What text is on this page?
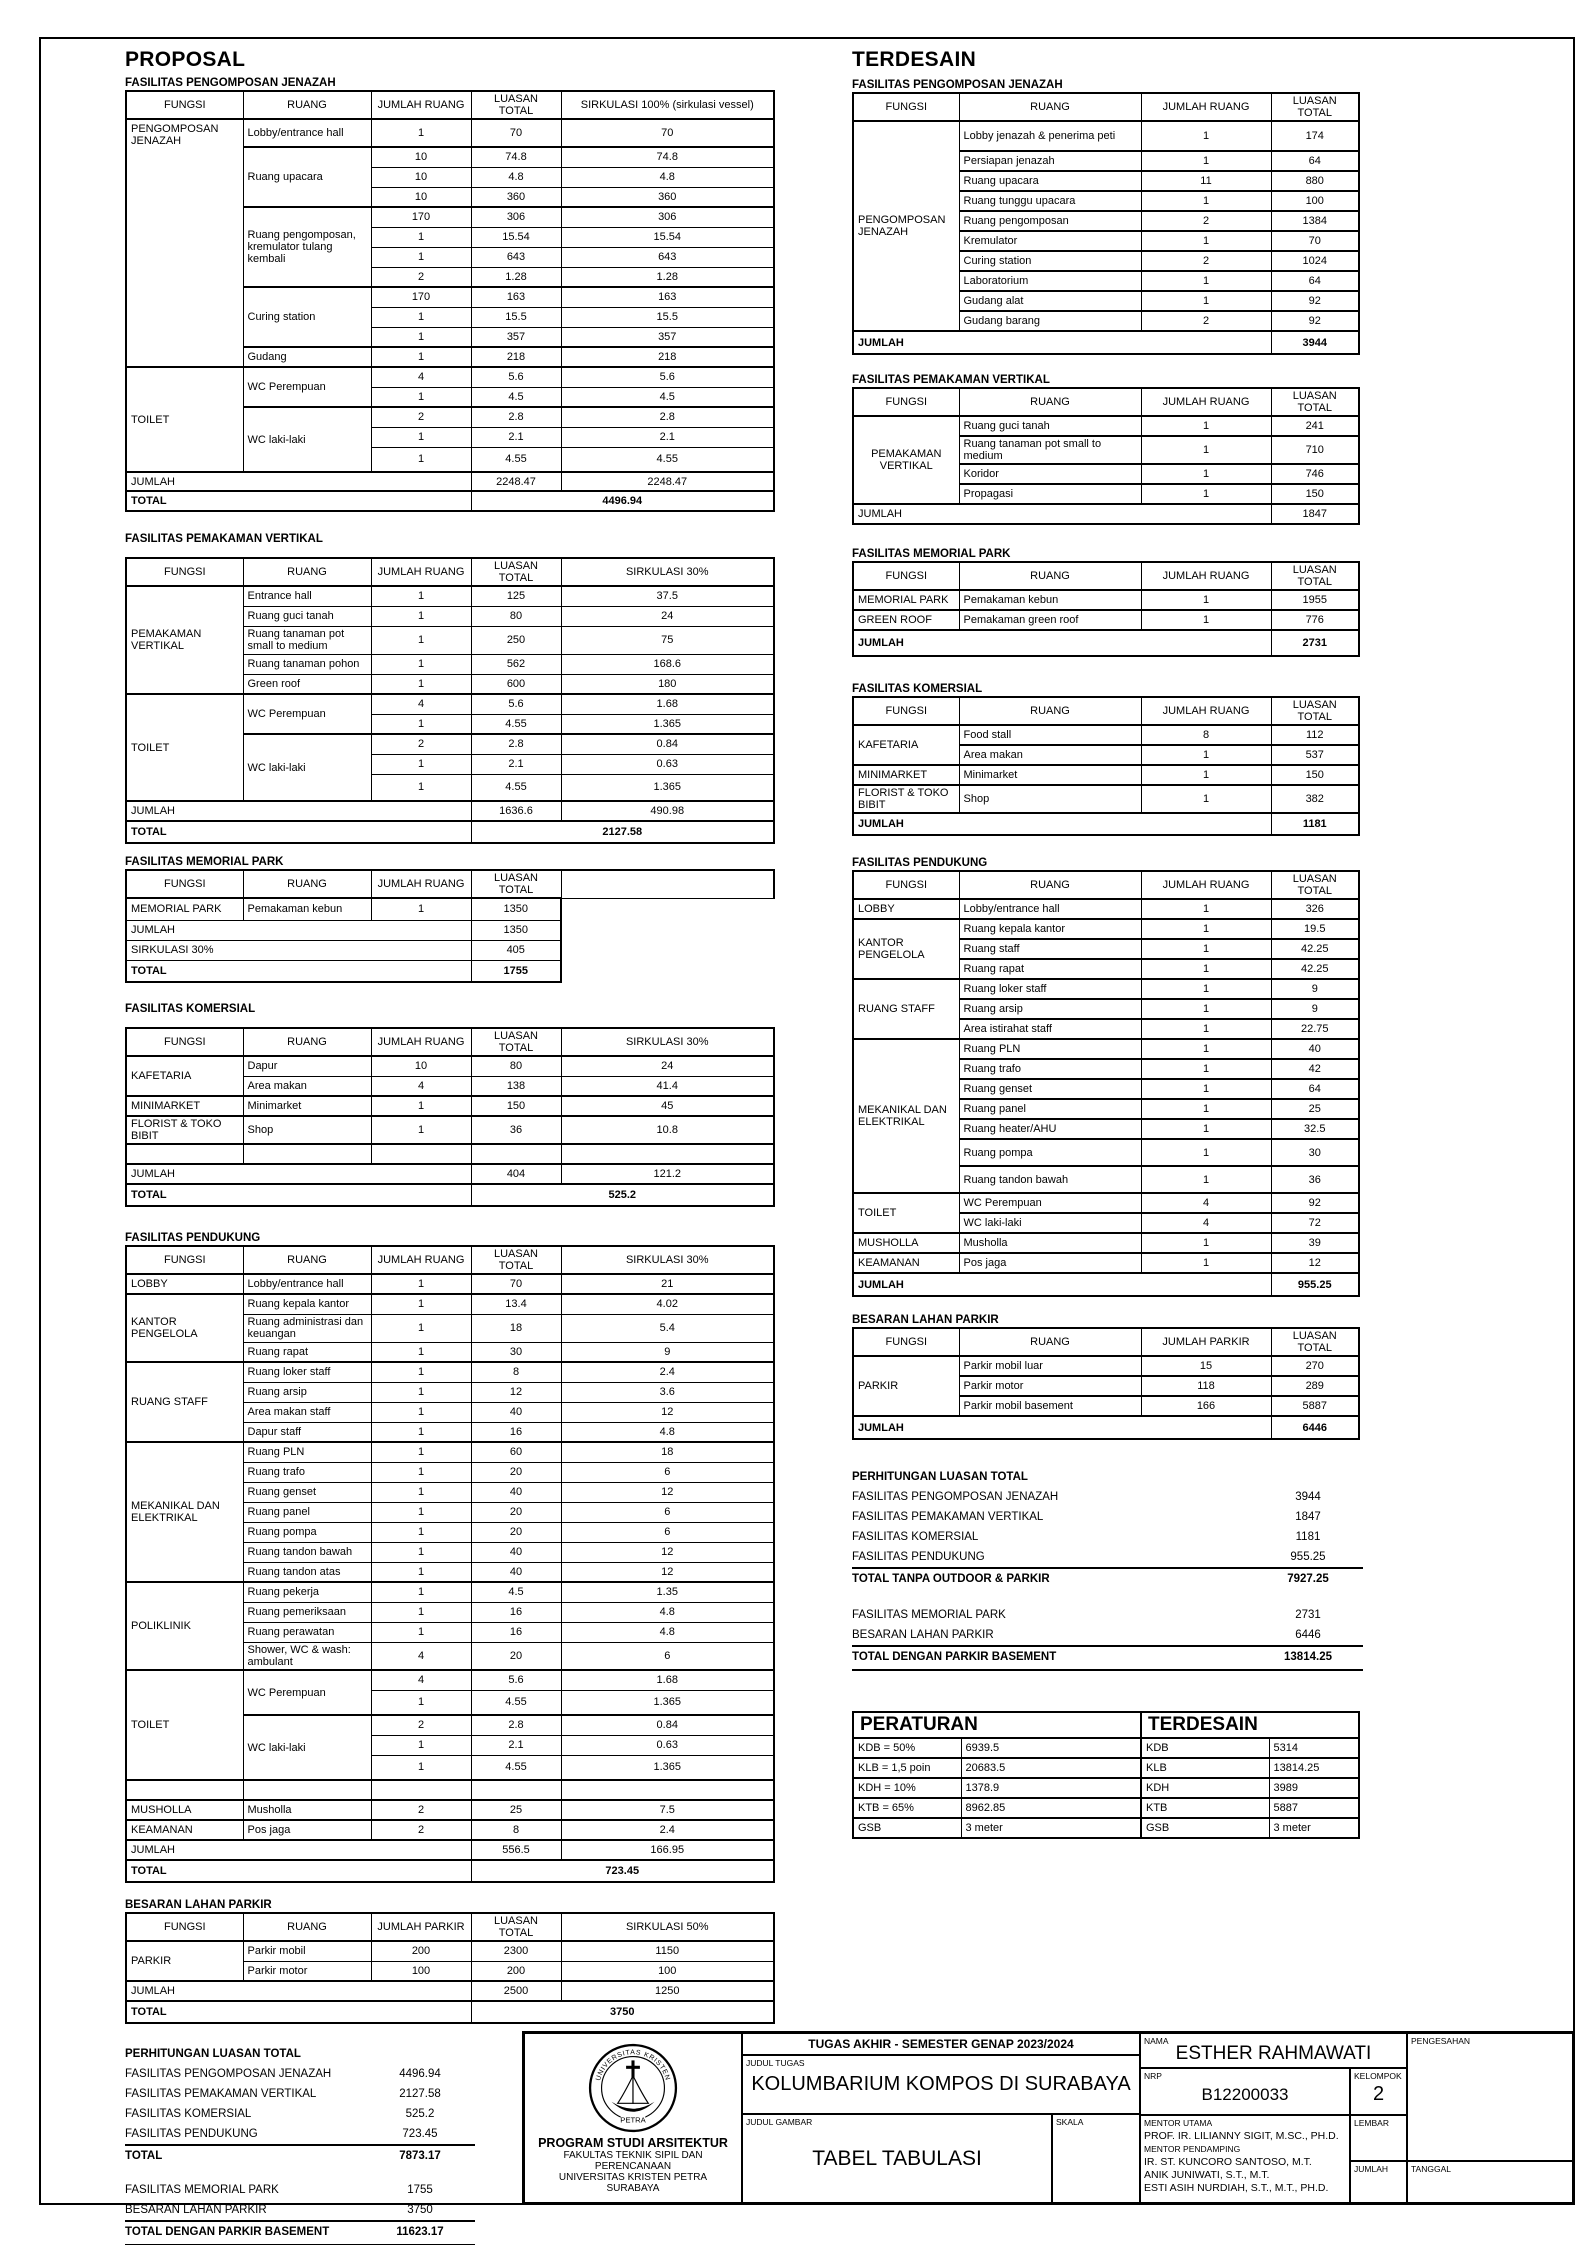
PROPOSAL
FASILITAS PENGOMPOSAN JENAZAH
FUNGSI	RUANG	JUMLAH RUANG	LUASAN TOTAL	SIRKULASI 100% (sirkulasi vessel)
PENGOMPOSAN JENAZAH	Lobby/entrance hall	1	70	70
	Ruang upacara	10	74.8	74.8
		10	4.8	4.8
		10	360	360
	Ruang pengomposan, kremulator tulang kembali	170	306	306
		1	15.54	15.54
		1	643	643
		2	1.28	1.28
	Curing station	170	163	163
		1	15.5	15.5
		1	357	357
	Gudang	1	218	218
TOILET	WC Perempuan	4	5.6	5.6
		1	4.5	4.5
	WC laki-laki	2	2.8	2.8
		1	2.1	2.1
		1	4.55	4.55
JUMLAH			2248.47	2248.47
TOTAL			4496.94	
FASILITAS PEMAKAMAN VERTIKAL
FUNGSI	RUANG	JUMLAH RUANG	LUASAN TOTAL	SIRKULASI 30%
PEMAKAMAN VERTIKAL	Entrance hall	1	125	37.5
	Ruang guci tanah	1	80	24
	Ruang tanaman pot small to medium	1	250	75
	Ruang tanaman pohon	1	562	168.6
	Green roof	1	600	180
TOILET	WC Perempuan	4	5.6	1.68
		1	4.55	1.365
	WC laki-laki	2	2.8	0.84
		1	2.1	0.63
		1	4.55	1.365
JUMLAH			1636.6	490.98
TOTAL			2127.58	
FASILITAS MEMORIAL PARK
FUNGSI	RUANG	JUMLAH RUANG	LUASAN TOTAL	
MEMORIAL PARK	Pemakaman kebun	1	1350	
JUMLAH			1350	
SIRKULASI 30%			405	
TOTAL			1755	
FASILITAS KOMERSIAL
FUNGSI	RUANG	JUMLAH RUANG	LUASAN TOTAL	SIRKULASI 30%
KAFETARIA	Dapur	10	80	24
	Area makan	4	138	41.4
MINIMARKET	Minimarket	1	150	45
FLORIST & TOKO BIBIT	Shop	1	36	10.8

JUMLAH			404	121.2
TOTAL			525.2	
FASILITAS PENDUKUNG
FUNGSI	RUANG	JUMLAH RUANG	LUASAN TOTAL	SIRKULASI 30%
LOBBY	Lobby/entrance hall	1	70	21
KANTOR PENGELOLA	Ruang kepala kantor	1	13.4	4.02
	Ruang administrasi dan keuangan	1	18	5.4
	Ruang rapat	1	30	9
RUANG STAFF	Ruang loker staff	1	8	2.4
	Ruang arsip	1	12	3.6
	Area makan staff	1	40	12
	Dapur staff	1	16	4.8
MEKANIKAL DAN ELEKTRIKAL	Ruang PLN	1	60	18
	Ruang trafo	1	20	6
	Ruang genset	1	40	12
	Ruang panel	1	20	6
	Ruang pompa	1	20	6
	Ruang tandon bawah	1	40	12
	Ruang tandon atas	1	40	12
POLIKLINIK	Ruang pekerja	1	4.5	1.35
	Ruang pemeriksaan	1	16	4.8
	Ruang perawatan	1	16	4.8
	Shower, WC & wash: ambulant	4	20	6
TOILET	WC Perempuan	4	5.6	1.68
		1	4.55	1.365
	WC laki-laki	2	2.8	0.84
		1	2.1	0.63
		1	4.55	1.365

MUSHOLLA	Musholla	2	25	7.5
KEAMANAN	Pos jaga	2	8	2.4
JUMLAH			556.5	166.95
TOTAL			723.45	
BESARAN LAHAN PARKIR
FUNGSI	RUANG	JUMLAH PARKIR	LUASAN TOTAL	SIRKULASI 50%
PARKIR	Parkir mobil	200	2300	1150
	Parkir motor	100	200	100
JUMLAH			2500	1250
TOTAL			3750	
PERHITUNGAN LUASAN TOTAL
FASILITAS PENGOMPOSAN JENAZAH	4496.94
FASILITAS PEMAKAMAN VERTIKAL	2127.58
FASILITAS KOMERSIAL	525.2
FASILITAS PENDUKUNG	723.45
TOTAL	7873.17
FASILITAS MEMORIAL PARK	1755
BESARAN LAHAN PARKIR	3750
TOTAL DENGAN PARKIR BASEMENT	11623.17
TERDESAIN
FASILITAS PENGOMPOSAN JENAZAH
FUNGSI	RUANG	JUMLAH RUANG	LUASAN TOTAL
PENGOMPOSAN JENAZAH	Lobby jenazah & penerima peti	1	174
	Persiapan jenazah	1	64
	Ruang upacara	11	880
	Ruang tunggu upacara	1	100
	Ruang pengomposan	2	1384
	Kremulator	1	70
	Curing station	2	1024
	Laboratorium	1	64
	Gudang alat	1	92
	Gudang barang	2	92
JUMLAH			3944
FASILITAS PEMAKAMAN VERTIKAL
FUNGSI	RUANG	JUMLAH RUANG	LUASAN TOTAL
PEMAKAMAN VERTIKAL	Ruang guci tanah	1	241
	Ruang tanaman pot small to medium	1	710
	Koridor	1	746
	Propagasi	1	150
JUMLAH			1847
FASILITAS MEMORIAL PARK
FUNGSI	RUANG	JUMLAH RUANG	LUASAN TOTAL
MEMORIAL PARK	Pemakaman kebun	1	1955
GREEN ROOF	Pemakaman green roof	1	776
JUMLAH			2731
FASILITAS KOMERSIAL
FUNGSI	RUANG	JUMLAH RUANG	LUASAN TOTAL
KAFETARIA	Food stall	8	112
	Area makan	1	537
MINIMARKET	Minimarket	1	150
FLORIST & TOKO BIBIT	Shop	1	382
JUMLAH			1181
FASILITAS PENDUKUNG
FUNGSI	RUANG	JUMLAH RUANG	LUASAN TOTAL
LOBBY	Lobby/entrance hall	1	326
KANTOR PENGELOLA	Ruang kepala kantor	1	19.5
	Ruang staff	1	42.25
	Ruang rapat	1	42.25
RUANG STAFF	Ruang loker staff	1	9
	Ruang arsip	1	9
	Area istirahat staff	1	22.75
MEKANIKAL DAN ELEKTRIKAL	Ruang PLN	1	40
	Ruang trafo	1	42
	Ruang genset	1	64
	Ruang panel	1	25
	Ruang heater/AHU	1	32.5
	Ruang pompa	1	30
	Ruang tandon bawah	1	36
TOILET	WC Perempuan	4	92
	WC laki-laki	4	72
MUSHOLLA	Musholla	1	39
KEAMANAN	Pos jaga	1	12
JUMLAH			955.25
BESARAN LAHAN PARKIR
FUNGSI	RUANG	JUMLAH PARKIR	LUASAN TOTAL
PARKIR	Parkir mobil luar	15	270
	Parkir motor	118	289
	Parkir mobil basement	166	5887
JUMLAH			6446
PERHITUNGAN LUASAN TOTAL
FASILITAS PENGOMPOSAN JENAZAH	3944
FASILITAS PEMAKAMAN VERTIKAL	1847
FASILITAS KOMERSIAL	1181
FASILITAS PENDUKUNG	955.25
TOTAL TANPA OUTDOOR & PARKIR	7927.25
FASILITAS MEMORIAL PARK	2731
BESARAN LAHAN PARKIR	6446
TOTAL DENGAN PARKIR BASEMENT	13814.25
PERATURAN		TERDESAIN	
KDB = 50%	6939.5	KDB	5314
KLB = 1,5 poin	20683.5	KLB	13814.25
KDH = 10%	1378.9	KDH	3989
KTB = 65%	8962.85	KTB	5887
GSB	3 meter	GSB	3 meter
UNIVERSITAS KRISTEN
PETRA
PROGRAM STUDI ARSITEKTUR
FAKULTAS TEKNIK SIPIL DAN PERENCANAAN
UNIVERSITAS KRISTEN PETRA
SURABAYA
TUGAS AKHIR - SEMESTER GENAP 2023/2024
JUDUL TUGAS
KOLUMBARIUM KOMPOS DI SURABAYA
JUDUL GAMBAR
TABEL TABULASI
SKALA
NAMA
ESTHER RAHMAWATI
NRP
B12200033
KELOMPOK
2
MENTOR UTAMA
PROF. IR. LILIANNY SIGIT, M.SC., PH.D.
MENTOR PENDAMPING
IR. ST. KUNCORO SANTOSO, M.T.
ANIK JUNIWATI, S.T., M.T.
ESTI ASIH NURDIAH, S.T., M.T., PH.D.
LEMBAR
JUMLAH
PENGESAHAN
TANGGAL
